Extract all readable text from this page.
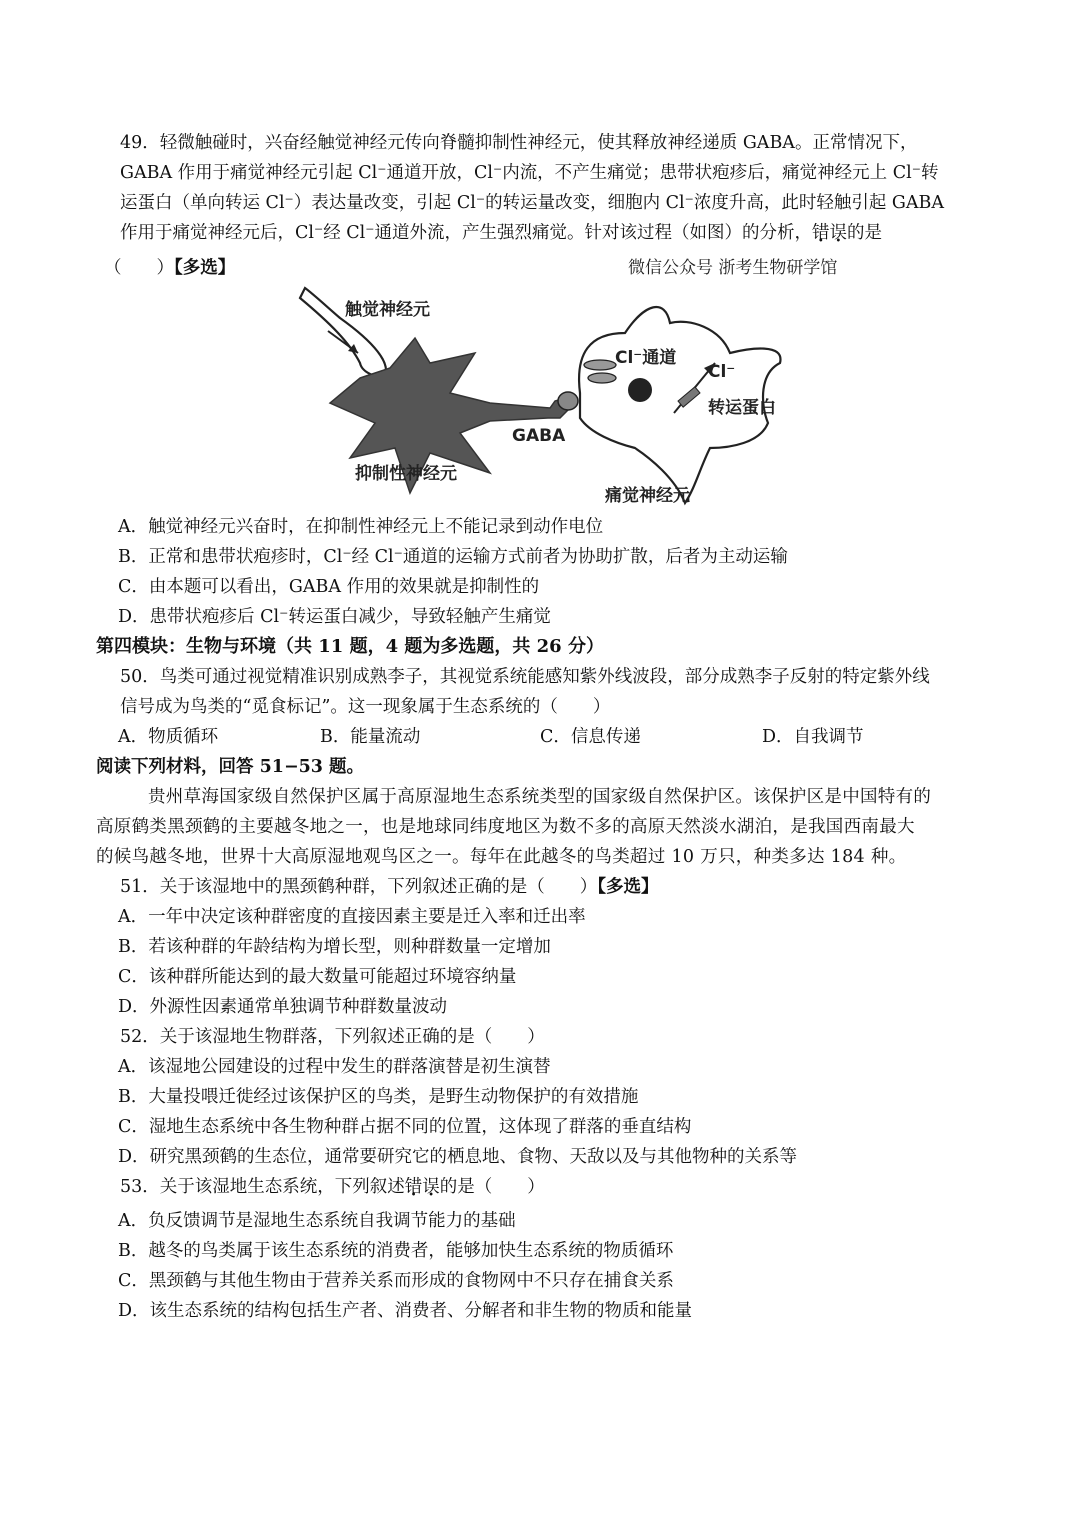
49．轻微触碰时，兴奋经触觉神经元传向脊髓抑制性神经元，使其释放神经递质 GABA。正常情况下，
GABA 作用于痛觉神经元引起 Cl⁻通道开放，Cl⁻内流，不产生痛觉；患带状疱疹后，痛觉神经元上 Cl⁻转
运蛋白（单向转运 Cl⁻）表达量改变，引起 Cl⁻的转运量改变，细胞内 Cl⁻浓度升高，此时轻触引起 GABA
作用于痛觉神经元后，Cl⁻经 Cl⁻通道外流，产生强烈痛觉。针对该过程（如图）的分析，错误的是
（　　）【多选】	微信公众号 浙考生物研学馆
触觉神经元
抑制性神经元
痛觉神经元
GABA
Cl⁻通道
Cl⁻
转运蛋白
A．触觉神经元兴奋时，在抑制性神经元上不能记录到动作电位
B．正常和患带状疱疹时，Cl⁻经 Cl⁻通道的运输方式前者为协助扩散，后者为主动运输
C．由本题可以看出，GABA 作用的效果就是抑制性的
D．患带状疱疹后 Cl⁻转运蛋白减少，导致轻触产生痛觉
第四模块：生物与环境（共 11 题，4 题为多选题，共 26 分）
50．鸟类可通过视觉精准识别成熟李子，其视觉系统能感知紫外线波段，部分成熟李子反射的特定紫外线
信号成为鸟类的“觅食标记”。这一现象属于生态系统的（　　）
A．物质循环	B．能量流动	C．信息传递	D．自我调节
阅读下列材料，回答 51−53 题。
贵州草海国家级自然保护区属于高原湿地生态系统类型的国家级自然保护区。该保护区是中国特有的
高原鹤类黑颈鹤的主要越冬地之一，也是地球同纬度地区为数不多的高原天然淡水湖泊，是我国西南最大
的候鸟越冬地，世界十大高原湿地观鸟区之一。每年在此越冬的鸟类超过 10 万只，种类多达 184 种。
51．关于该湿地中的黑颈鹤种群，下列叙述正确的是（　　）【多选】
A．一年中决定该种群密度的直接因素主要是迁入率和迁出率
B．若该种群的年龄结构为增长型，则种群数量一定增加
C．该种群所能达到的最大数量可能超过环境容纳量
D．外源性因素通常单独调节种群数量波动
52．关于该湿地生物群落，下列叙述正确的是（　　）
A．该湿地公园建设的过程中发生的群落演替是初生演替
B．大量投喂迁徙经过该保护区的鸟类，是野生动物保护的有效措施
C．湿地生态系统中各生物种群占据不同的位置，这体现了群落的垂直结构
D．研究黑颈鹤的生态位，通常要研究它的栖息地、食物、天敌以及与其他物种的关系等
53．关于该湿地生态系统，下列叙述错误的是（　　）
A．负反馈调节是湿地生态系统自我调节能力的基础
B．越冬的鸟类属于该生态系统的消费者，能够加快生态系统的物质循环
C．黑颈鹤与其他生物由于营养关系而形成的食物网中不只存在捕食关系
D．该生态系统的结构包括生产者、消费者、分解者和非生物的物质和能量
